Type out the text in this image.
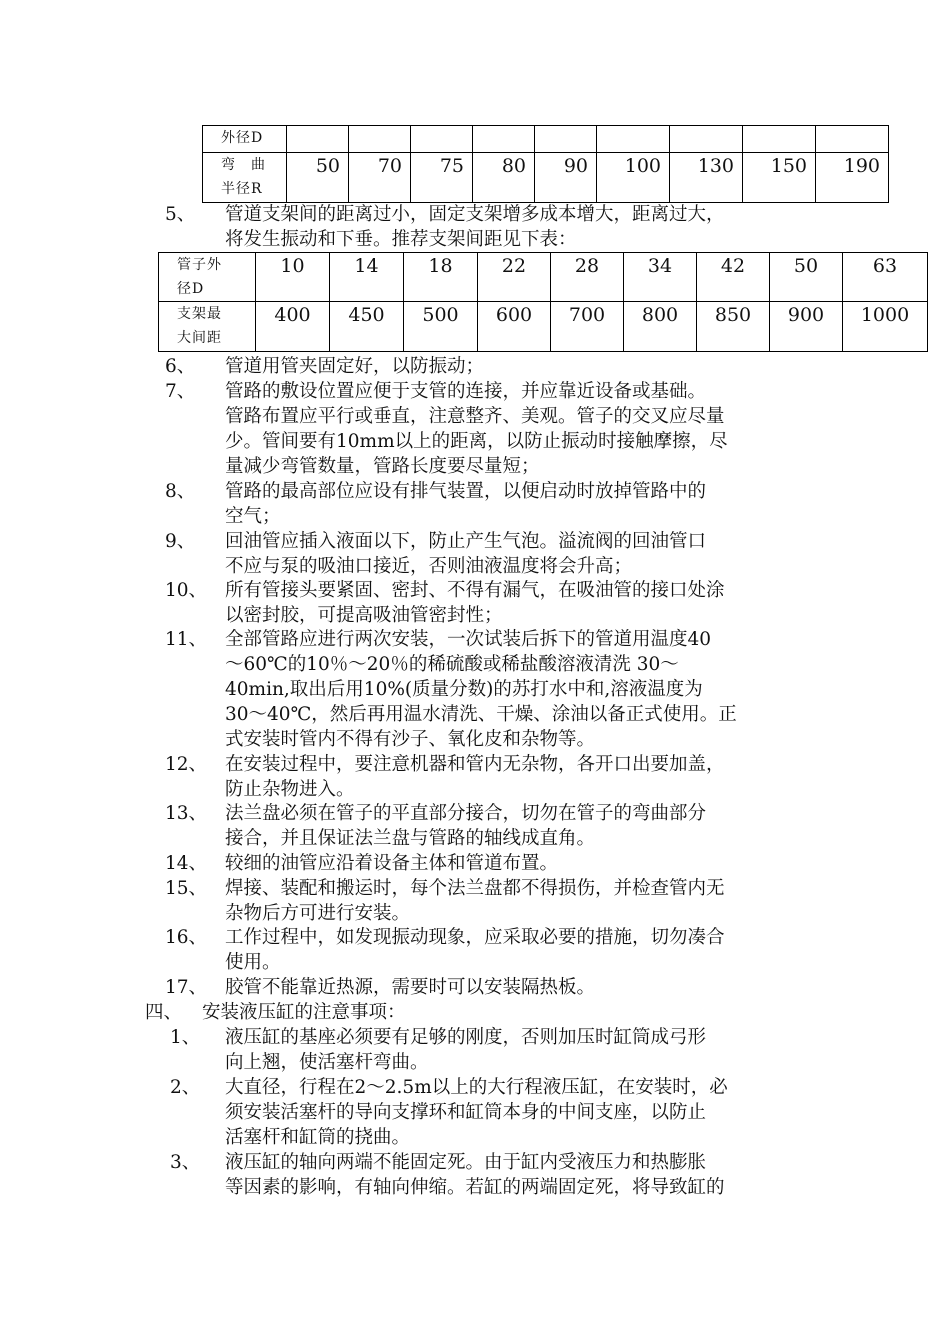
外径D									

弯　曲
半径R	50	70	75	80	90	100	130	150	190
5、 管道支架间的距离过小，固定支架增多成本增大，距离过大，
将发生振动和下垂。推荐支架间距见下表：
管子外
径D	10	14	18	22	28	34	42	50	63

支架最
大间距	400	450	500	600	700	800	850	900	1000
6、 管道用管夹固定好，以防振动；
7、 管路的敷设位置应便于支管的连接，并应靠近设备或基础。
管路布置应平行或垂直，注意整齐、美观。管子的交叉应尽量
少。管间要有10mm以上的距离，以防止振动时接触摩擦，尽
量减少弯管数量，管路长度要尽量短；
8、 管路的最高部位应设有排气装置，以便启动时放掉管路中的
空气；
9、 回油管应插入液面以下，防止产生气泡。溢流阀的回油管口
不应与泵的吸油口接近，否则油液温度将会升高；
10、 所有管接头要紧固、密封、不得有漏气，在吸油管的接口处涂
以密封胶，可提高吸油管密封性；
11、 全部管路应进行两次安装，一次试装后拆下的管道用温度40
～60℃的10％～20％的稀硫酸或稀盐酸溶液清洗 30～
40min,取出后用10%(质量分数)的苏打水中和,溶液温度为
30～40℃，然后再用温水清洗、干燥、涂油以备正式使用。正
式安装时管内不得有沙子、氧化皮和杂物等。
12、 在安装过程中，要注意机器和管内无杂物，各开口出要加盖，
防止杂物进入。
13、 法兰盘必须在管子的平直部分接合，切勿在管子的弯曲部分
接合，并且保证法兰盘与管路的轴线成直角。
14、 较细的油管应沿着设备主体和管道布置。
15、 焊接、装配和搬运时，每个法兰盘都不得损伤，并检查管内无
杂物后方可进行安装。
16、 工作过程中，如发现振动现象，应采取必要的措施，切勿凑合
使用。
17、 胶管不能靠近热源，需要时可以安装隔热板。
四、 安装液压缸的注意事项：
1、 液压缸的基座必须要有足够的刚度，否则加压时缸筒成弓形
向上翘，使活塞杆弯曲。
2、 大直径，行程在2～2.5m以上的大行程液压缸，在安装时，必
须安装活塞杆的导向支撑环和缸筒本身的中间支座，以防止
活塞杆和缸筒的挠曲。
3、 液压缸的轴向两端不能固定死。由于缸内受液压力和热膨胀
等因素的影响，有轴向伸缩。若缸的两端固定死，将导致缸的
